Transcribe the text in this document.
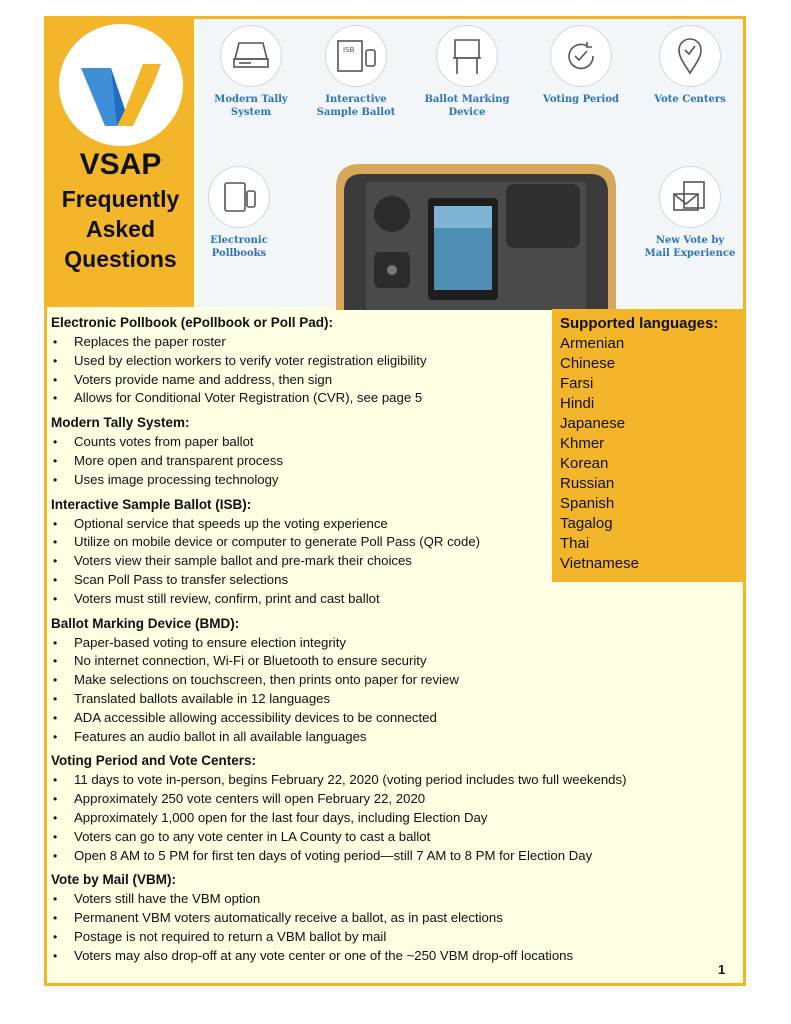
VSAP
Frequently
Asked
Questions
Modern Tally
System
ISB
Interactive
Sample Ballot
Ballot Marking
Device
Voting Period	Vote Centers
Electronic
Pollbooks
New Vote by
Mail Experience
Supported languages:
Armenian
Chinese
Farsi
Hindi
Japanese
Khmer
Korean
Russian
Spanish
Tagalog
Thai
Vietnamese
Electronic Pollbook (ePollbook or Poll Pad):
• Replaces the paper roster
• Used by election workers to verify voter registration eligibility
• Voters provide name and address, then sign
• Allows for Conditional Voter Registration (CVR), see page 5
Modern Tally System:
• Counts votes from paper ballot
• More open and transparent process
• Uses image processing technology
Interactive Sample Ballot (ISB):
• Optional service that speeds up the voting experience
• Utilize on mobile device or computer to generate Poll Pass (QR code)
• Voters view their sample ballot and pre-mark their choices
• Scan Poll Pass to transfer selections
• Voters must still review, confirm, print and cast ballot
Ballot Marking Device (BMD):
• Paper-based voting to ensure election integrity
• No internet connection, Wi-Fi or Bluetooth to ensure security
• Make selections on touchscreen, then prints onto paper for review
• Translated ballots available in 12 languages
• ADA accessible allowing accessibility devices to be connected
• Features an audio ballot in all available languages
Voting Period and Vote Centers:
• 11 days to vote in-person, begins February 22, 2020 (voting period includes two full weekends)
• Approximately 250 vote centers will open February 22, 2020
• Approximately 1,000 open for the last four days, including Election Day
• Voters can go to any vote center in LA County to cast a ballot
• Open 8 AM to 5 PM for first ten days of voting period—still 7 AM to 8 PM for Election Day
Vote by Mail (VBM):
• Voters still have the VBM option
• Permanent VBM voters automatically receive a ballot, as in past elections
• Postage is not required to return a VBM ballot by mail
• Voters may also drop-off at any vote center or one of the ~250 VBM drop-off locations
1
